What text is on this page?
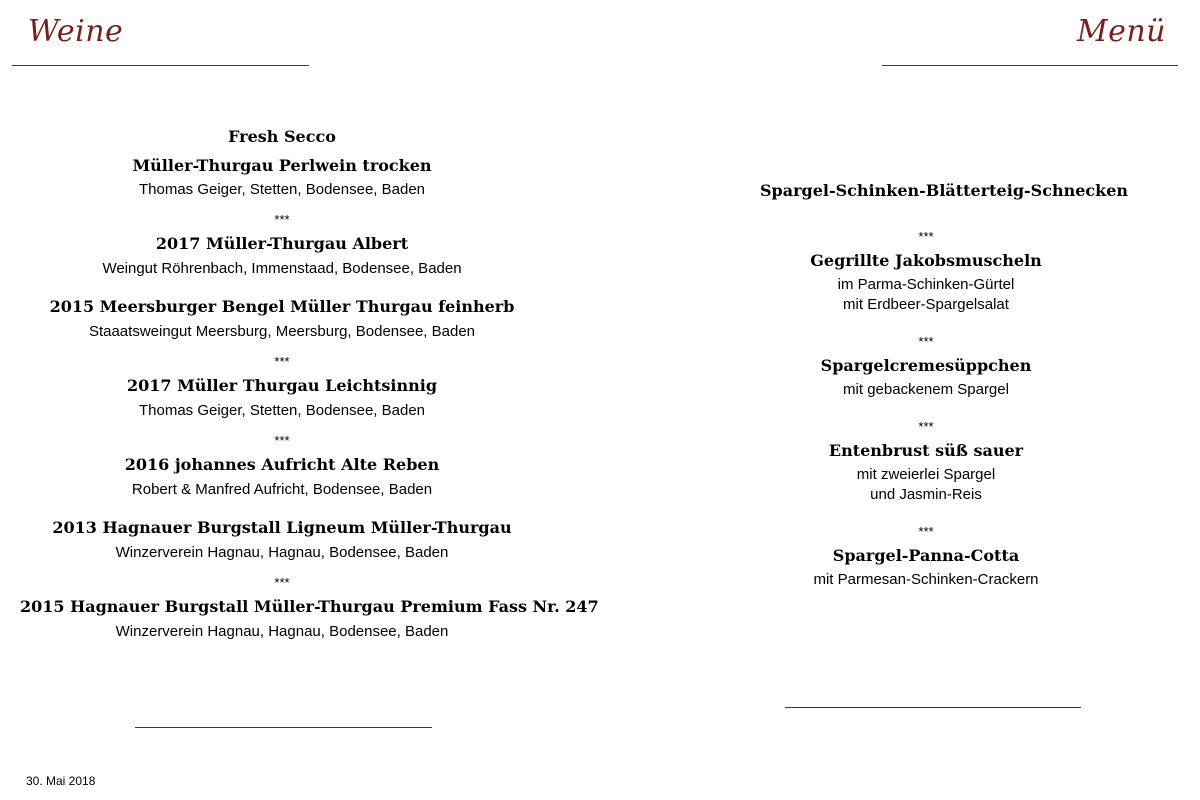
Weine	Menü
Fresh Secco
Müller-Thurgau Perlwein trocken
Thomas Geiger, Stetten, Bodensee, Baden
***
2017 Müller-Thurgau Albert
Weingut Röhrenbach, Immenstaad, Bodensee, Baden
2015 Meersburger Bengel Müller Thurgau feinherb
Staaatsweingut Meersburg, Meersburg, Bodensee, Baden
***
2017 Müller Thurgau Leichtsinnig
Thomas Geiger, Stetten, Bodensee, Baden
***
2016 johannes Aufricht Alte Reben
Robert & Manfred Aufricht, Bodensee, Baden
2013 Hagnauer Burgstall Ligneum Müller-Thurgau
Winzerverein Hagnau, Hagnau, Bodensee, Baden
***
2015 Hagnauer Burgstall Müller-Thurgau Premium Fass Nr. 247
Winzerverein Hagnau, Hagnau, Bodensee, Baden
Spargel-Schinken-Blätterteig-Schnecken
***
Gegrillte Jakobsmuscheln
im Parma-Schinken-Gürtel
mit Erdbeer-Spargelsalat
***
Spargelcremesüppchen
mit gebackenem Spargel
***
Entenbrust süß sauer
mit zweierlei Spargel
und Jasmin-Reis
***
Spargel-Panna-Cotta
mit Parmesan-Schinken-Crackern
30. Mai 2018
